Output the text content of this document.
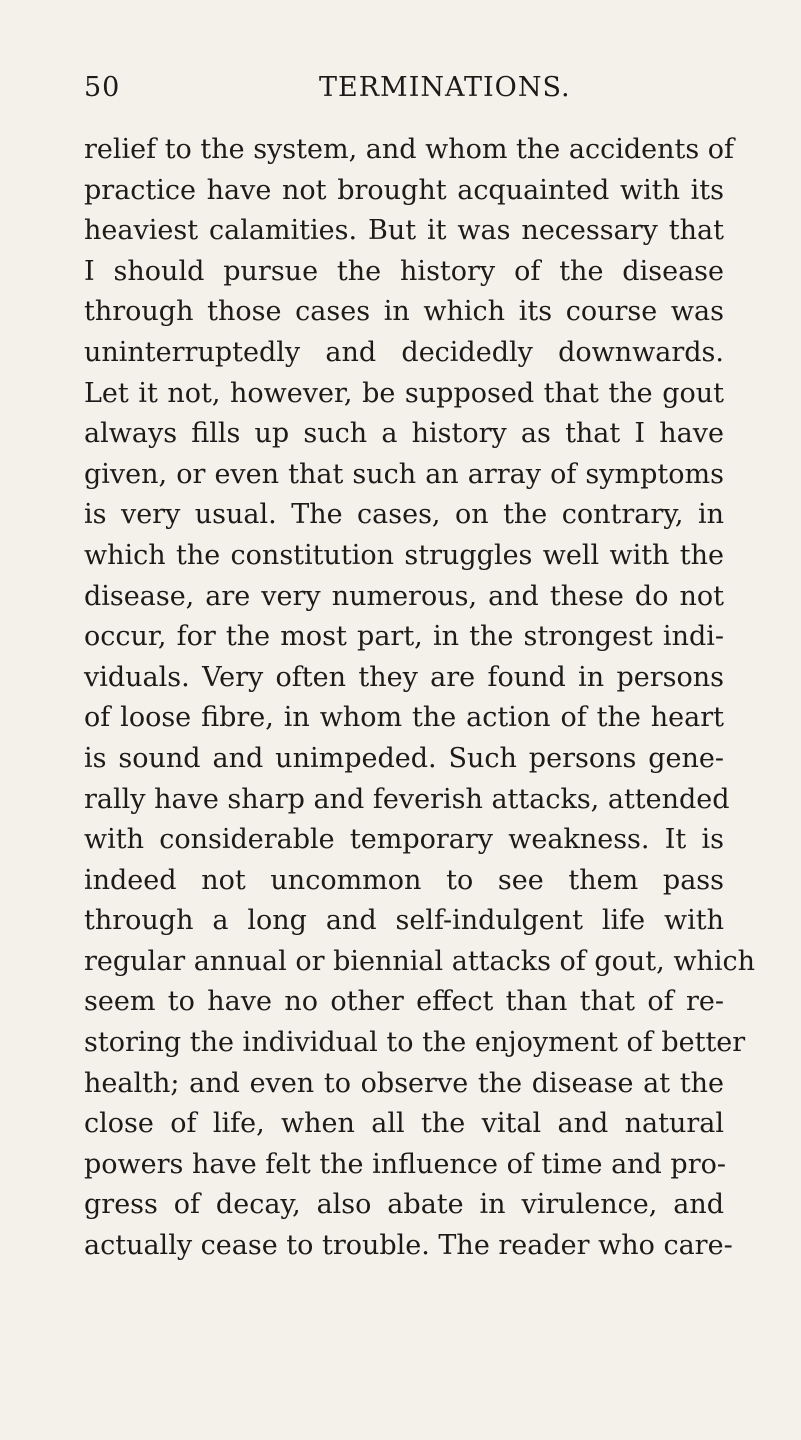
50	TERMINATIONS.
relief to the system, and whom the accidents of
practice have not brought acquainted with its
heaviest calamities. But it was necessary that
I should pursue the history of the disease
through those cases in which its course was
uninterruptedly and decidedly downwards.
Let it not, however, be supposed that the gout
always fills up such a history as that I have
given, or even that such an array of symptoms
is very usual. The cases, on the contrary, in
which the constitution struggles well with the
disease, are very numerous, and these do not
occur, for the most part, in the strongest indi-
viduals. Very often they are found in persons
of loose fibre, in whom the action of the heart
is sound and unimpeded. Such persons gene-
rally have sharp and feverish attacks, attended
with considerable temporary weakness. It is
indeed not uncommon to see them pass
through a long and self-indulgent life with
regular annual or biennial attacks of gout, which
seem to have no other effect than that of re-
storing the individual to the enjoyment of better
health; and even to observe the disease at the
close of life, when all the vital and natural
powers have felt the influence of time and pro-
gress of decay, also abate in virulence, and
actually cease to trouble. The reader who care-
